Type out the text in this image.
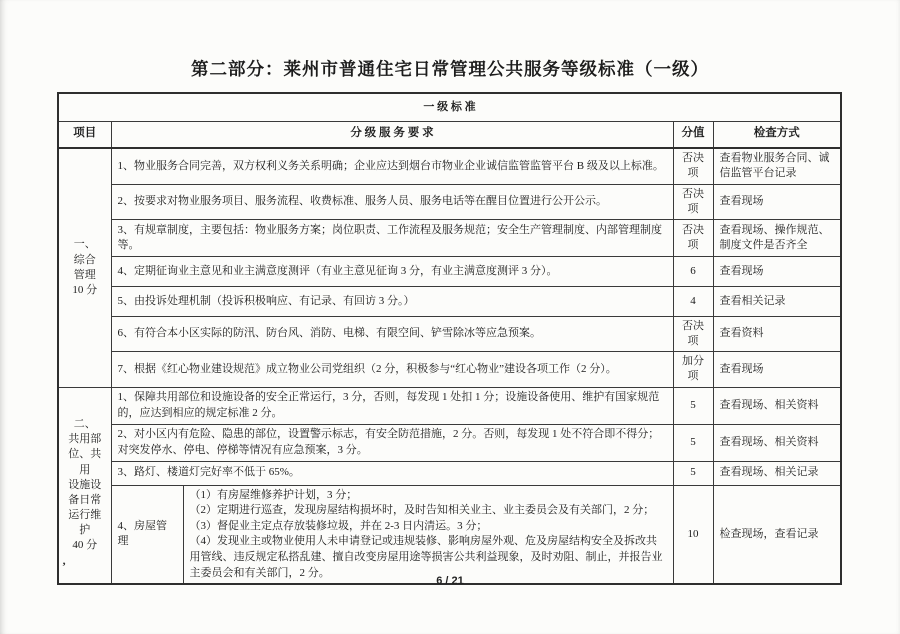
第二部分：莱州市普通住宅日常管理公共服务等级标准（一级）
一 级 标 准				
项目	分 级 服 务 要 求		分值	检查方式
一、
综合
管理
10 分	1、物业服务合同完善，双方权利义务关系明确；企业应达到烟台市物业企业诚信监管监管平台 B 级及以上标准。		否决项	查看物业服务合同、诚信监管平台记录
	2、按要求对物业服务项目、服务流程、收费标准、服务人员、服务电话等在醒目位置进行公开公示。		否决项	查看现场
	3、有规章制度，主要包括：物业服务方案；岗位职责、工作流程及服务规范；安全生产管理制度、内部管理制度等。		否决项	查看现场、操作规范、制度文件是否齐全
	4、定期征询业主意见和业主满意度测评（有业主意见征询 3 分，有业主满意度测评 3 分）。		6	查看现场
	5、由投诉处理机制（投诉积极响应、有记录、有回访 3 分。）		4	查看相关记录
	6、有符合本小区实际的防汛、防台风、消防、电梯、有限空间、铲雪除冰等应急预案。		否决项	查看资料
	7、根据《红心物业建设规范》成立物业公司党组织（2 分，积极参与“红心物业”建设各项工作（2 分）。		加分项	查看现场
二、
共用部
位、共用
设施设
备日常
运行维
护
40 分	1、保障共用部位和设施设备的安全正常运行，3 分，否则，每发现 1 处扣 1 分；设施设备使用、维护有国家规范的，应达到相应的规定标准 2 分。	5	查看现场、相关资料
	2、对小区内有危险、隐患的部位，设置警示标志，有安全防范措施，2 分。否则，每发现 1 处不符合即不得分；对突发停水、停电、停梯等情况有应急预案，3 分。		5	查看现场、相关资料
	3、路灯、楼道灯完好率不低于 65%。		5	查看现场、相关记录
	4、房屋管理	（1）有房屋维修养护计划，3 分；
（2）定期进行巡查，发现房屋结构损坏时，及时告知相关业主、业主委员会及有关部门，2 分；
（3）督促业主定点存放装修垃圾，并在 2-3 日内清运。3 分；
（4）发现业主或物业使用人未申请登记或违规装修、影响房屋外观、危及房屋结构安全及拆改共用管线、违反规定私搭乱建、擅自改变房屋用途等损害公共利益现象，及时劝阻、制止，并报告业主委员会和有关部门，2 分。	10	检查现场，查看记录
’
6 / 21
